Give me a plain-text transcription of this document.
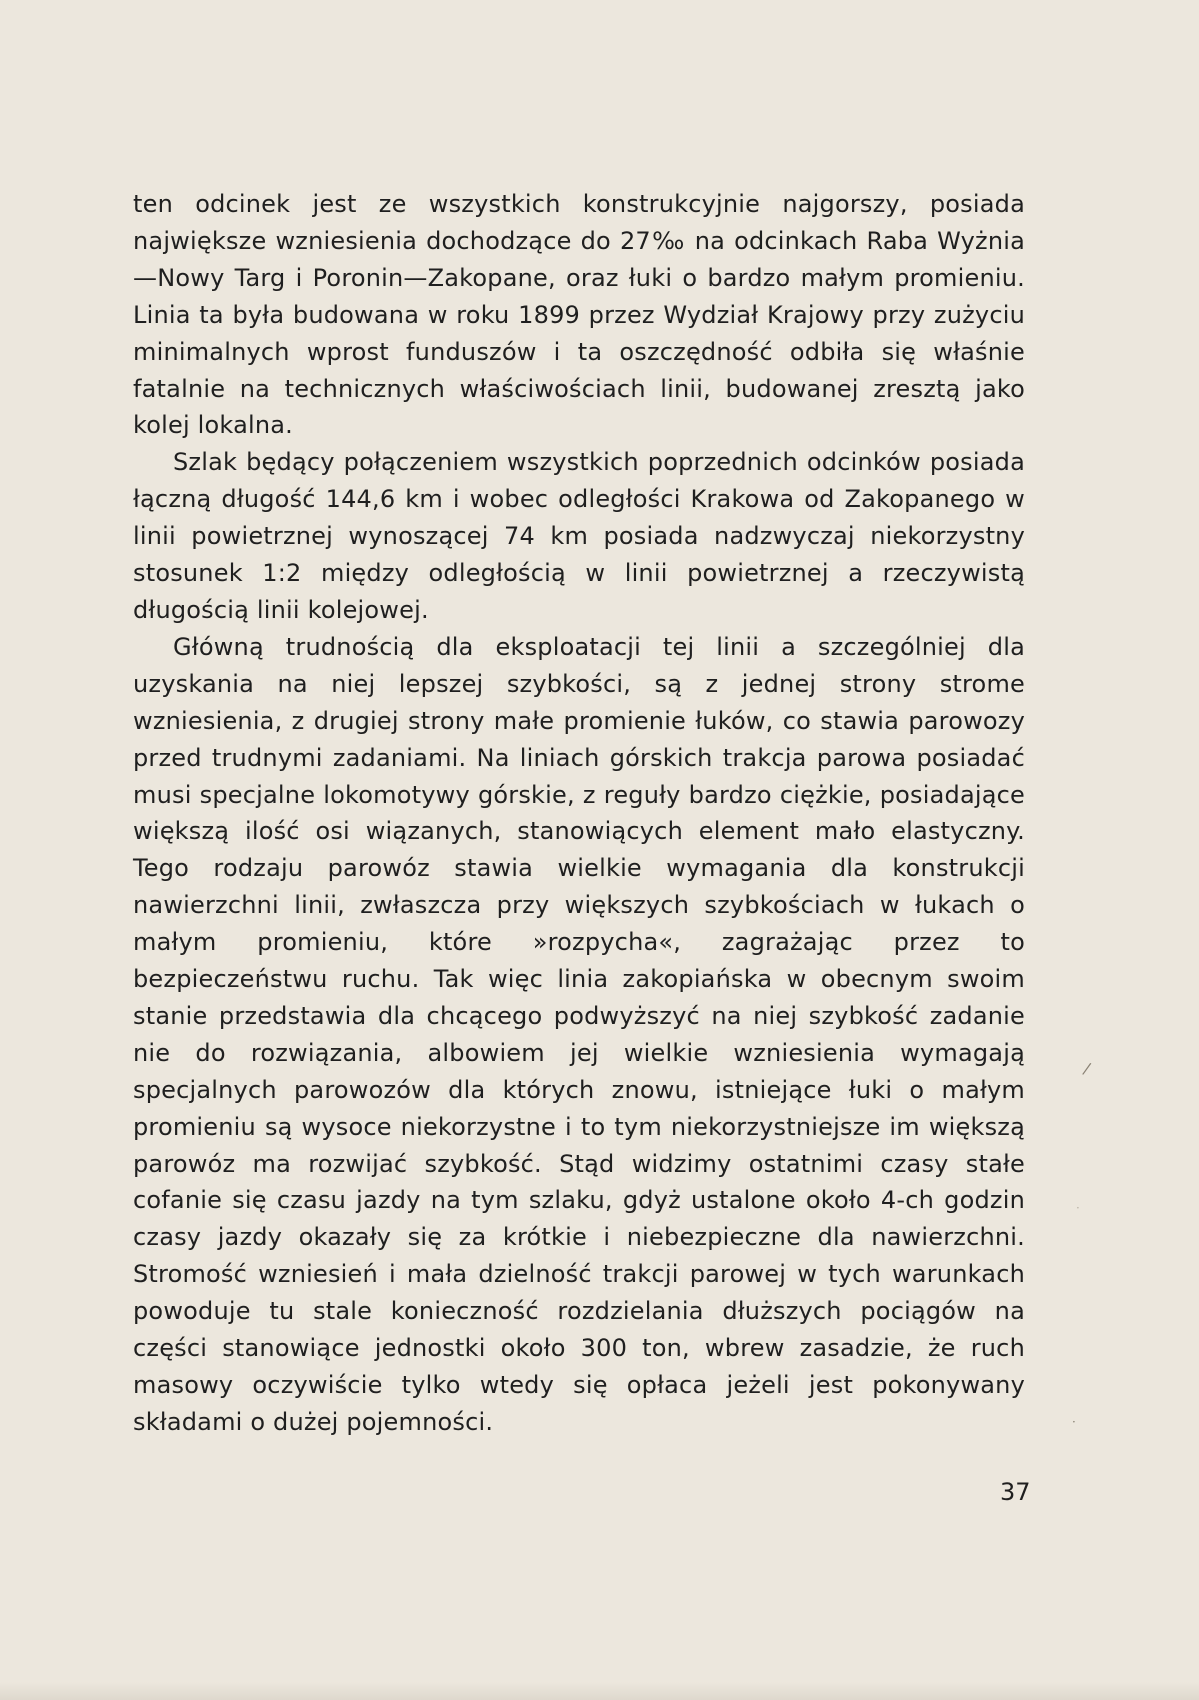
ten odcinek jest ze wszystkich konstrukcyjnie najgorszy, posiada największe wzniesienia dochodzące do 27‰ na odcinkach Raba Wyżnia—Nowy Targ i Poronin—Zakopane, oraz łuki o bardzo małym promieniu. Linia ta była budowana w roku 1899 przez Wydział Krajowy przy zużyciu minimalnych wprost funduszów i ta oszczędność odbiła się właśnie fatalnie na technicznych właściwościach linii, budowanej zresztą jako kolej lokalna.

Szlak będący połączeniem wszystkich poprzednich odcinków posiada łączną długość 144,6 km i wobec odległości Krakowa od Zakopanego w linii powietrznej wynoszącej 74 km posiada nadzwyczaj niekorzystny stosunek 1:2 między odległością w linii powietrznej a rzeczywistą długością linii kolejowej.

Główną trudnością dla eksploatacji tej linii a szczególniej dla uzyskania na niej lepszej szybkości, są z jednej strony strome wzniesienia, z drugiej strony małe promienie łuków, co stawia parowozy przed trudnymi zadaniami. Na liniach górskich trakcja parowa posiadać musi specjalne lokomotywy górskie, z reguły bardzo ciężkie, posiadające większą ilość osi wiązanych, stanowiących element mało elastyczny. Tego rodzaju parowóz stawia wielkie wymagania dla konstrukcji nawierzchni linii, zwłaszcza przy większych szybkościach w łukach o małym promieniu, które »rozpycha«, zagrażając przez to bezpieczeństwu ruchu. Tak więc linia zakopiańska w obecnym swoim stanie przedstawia dla chcącego podwyższyć na niej szybkość zadanie nie do rozwiązania, albowiem jej wielkie wzniesienia wymagają specjalnych parowozów dla których znowu, istniejące łuki o małym promieniu są wysoce niekorzystne i to tym niekorzystniejsze im większą parowóz ma rozwijać szybkość. Stąd widzimy ostatnimi czasy stałe cofanie się czasu jazdy na tym szlaku, gdyż ustalone około 4-ch godzin czasy jazdy okazały się za krótkie i niebezpieczne dla nawierzchni. Stromość wzniesień i mała dzielność trakcji parowej w tych warunkach powoduje tu stale konieczność rozdzielania dłuższych pociągów na części stanowiące jednostki około 300 ton, wbrew zasadzie, że ruch masowy oczywiście tylko wtedy się opłaca jeżeli jest pokonywany składami o dużej pojemności.

37
/
·
·
